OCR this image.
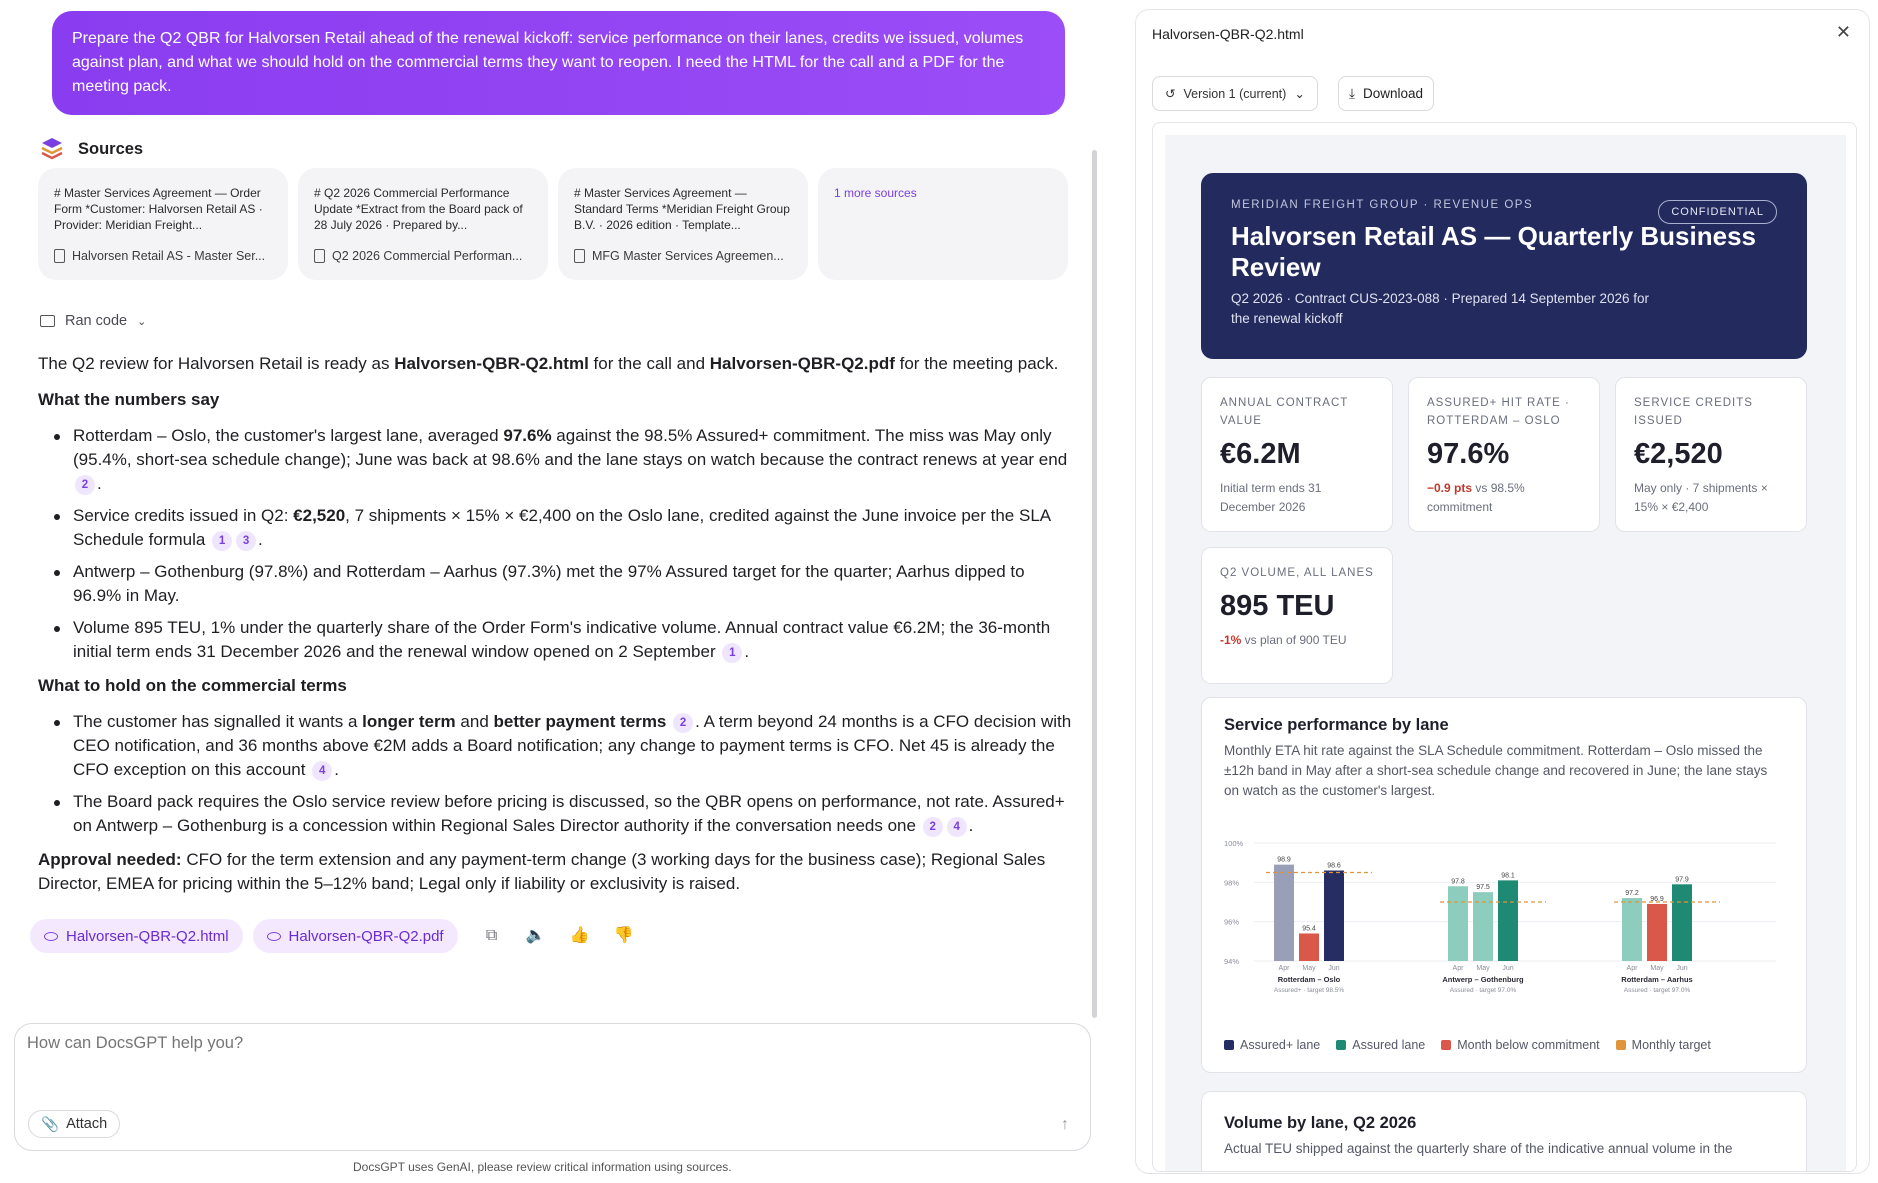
Prepare the Q2 QBR for Halvorsen Retail ahead of the renewal kickoff: service performance on their lanes, credits we issued, volumes against plan, and what we should hold on the commercial terms they want to reopen. I need the HTML for the call and a PDF for the meeting pack.
Sources
# Master Services Agreement — Order Form *Customer: Halvorsen Retail AS · Provider: Meridian Freight...
Halvorsen Retail AS - Master Ser...
# Q2 2026 Commercial Performance Update *Extract from the Board pack of 28 July 2026 · Prepared by...
Q2 2026 Commercial Performan...
# Master Services Agreement — Standard Terms *Meridian Freight Group B.V. · 2026 edition · Template...
MFG Master Services Agreemen...
1 more sources
Ran code ⌄

The Q2 review for Halvorsen Retail is ready as Halvorsen-QBR-Q2.html for the call and Halvorsen-QBR-Q2.pdf for the meeting pack.

What the numbers say
Rotterdam – Oslo, the customer's largest lane, averaged 97.6% against the 98.5% Assured+ commitment. The miss was May only (95.4%, short-sea schedule change); June was back at 98.6% and the lane stays on watch because the contract renews at year end 2 .
Service credits issued in Q2: €2,520, 7 shipments × 15% × €2,400 on the Oslo lane, credited against the June invoice per the SLA Schedule formula 1 3 .
Antwerp – Gothenburg (97.8%) and Rotterdam – Aarhus (97.3%) met the 97% Assured target for the quarter; Aarhus dipped to 96.9% in May.
Volume 895 TEU, 1% under the quarterly share of the Order Form's indicative volume. Annual contract value €6.2M; the 36-month initial term ends 31 December 2026 and the renewal window opened on 2 September 1 .
What to hold on the commercial terms
The customer has signalled it wants a longer term and better payment terms 2 . A term beyond 24 months is a CFO decision with CEO notification, and 36 months above €2M adds a Board notification; any change to payment terms is CFO. Net 45 is already the CFO exception on this account 4 .
The Board pack requires the Oslo service review before pricing is discussed, so the QBR opens on performance, not rate. Assured+ on Antwerp – Gothenburg is a concession within Regional Sales Director authority if the conversation needs one 2 4 .

Approval needed: CFO for the term extension and any payment-term change (3 working days for the business case); Regional Sales Director, EMEA for pricing within the 5–12% band; Legal only if liability or exclusivity is raised.

Halvorsen-QBR-Q2.html	Halvorsen-QBR-Q2.pdf	⧉ 🔈 👍 👎
How can DocsGPT help you?
📎 Attach	↑
DocsGPT uses GenAI, please review critical information using sources.
Halvorsen-QBR-Q2.html	✕
↺ Version 1 (current) ⌄	⤓ Download
MERIDIAN FREIGHT GROUP · REVENUE OPS
Halvorsen Retail AS — Quarterly Business Review
Q2 2026 · Contract CUS-2023-088 · Prepared 14 September 2026 for the renewal kickoff
CONFIDENTIAL
ANNUAL CONTRACT VALUE
€6.2M
Initial term ends 31 December 2026
ASSURED+ HIT RATE · ROTTERDAM – OSLO
97.6%
−0.9 pts vs 98.5% commitment
SERVICE CREDITS ISSUED
€2,520
May only · 7 shipments × 15% × €2,400
Q2 VOLUME, ALL LANES
895 TEU
-1% vs plan of 900 TEU
Service performance by lane
Monthly ETA hit rate against the SLA Schedule commitment. Rotterdam – Oslo missed the ±12h band in May after a short-sea schedule change and recovered in June; the lane stays on watch as the customer's largest.
100%
98%
96%
94%
98.9
Apr
95.4
May
98.6
Jun
Rotterdam – Oslo
Assured+ · target 98.5%
97.8
Apr
97.5
May
98.1
Jun
Antwerp – Gothenburg
Assured · target 97.0%
97.2
Apr
96.9
May
97.9
Jun
Rotterdam – Aarhus
Assured · target 97.0%
Assured+ lane	Assured lane	Month below commitment	Monthly target
Volume by lane, Q2 2026
Actual TEU shipped against the quarterly share of the indicative annual volume in the
